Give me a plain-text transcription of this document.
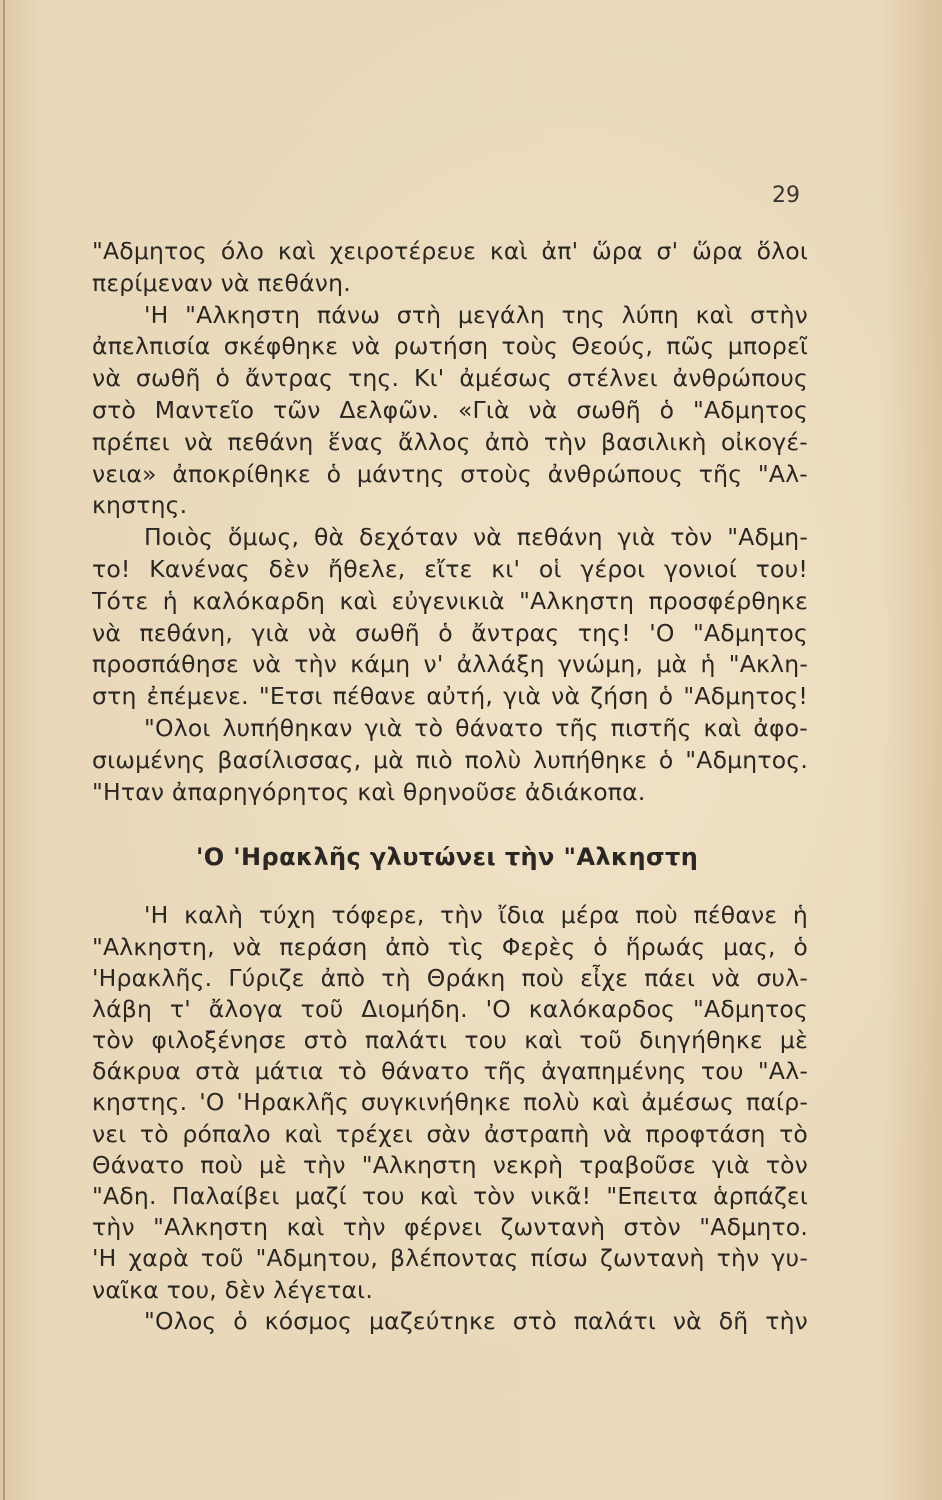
29
"Αδμητος όλο καὶ χειροτέρευε καὶ ἀπ' ὥρα σ' ὥρα ὅλοι
περίμεναν νὰ πεθάνη.
'Η "Αλκηστη πάνω στὴ μεγάλη της λύπη καὶ στὴν
ἀπελπισία σκέφθηκε νὰ ρωτήση τοὺς Θεούς, πῶς μπορεῖ
νὰ σωθῆ ὁ ἄντρας της. Κι' ἀμέσως στέλνει ἀνθρώπους
στὸ Μαντεῖο τῶν Δελφῶν. «Γιὰ νὰ σωθῆ ὁ "Αδμητος
πρέπει νὰ πεθάνη ἕνας ἄλλος ἀπὸ τὴν βασιλικὴ οἰκογέ-
νεια» ἀποκρίθηκε ὁ μάντης στοὺς ἀνθρώπους τῆς "Αλ-
κηστης.
Ποιὸς ὅμως, θὰ δεχόταν νὰ πεθάνη γιὰ τὸν "Αδμη-
το! Κανένας δὲν ἤθελε, εἴτε κι' οἱ γέροι γονιοί του!
Τότε ἡ καλόκαρδη καὶ εὐγενικιὰ "Αλκηστη προσφέρθηκε
νὰ πεθάνη, γιὰ νὰ σωθῆ ὁ ἄντρας της! 'Ο "Αδμητος
προσπάθησε νὰ τὴν κάμη ν' ἀλλάξη γνώμη, μὰ ἡ "Ακλη-
στη ἐπέμενε. "Ετσι πέθανε αὐτή, γιὰ νὰ ζήση ὁ "Αδμητος!
"Ολοι λυπήθηκαν γιὰ τὸ θάνατο τῆς πιστῆς καὶ ἀφο-
σιωμένης βασίλισσας, μὰ πιὸ πολὺ λυπήθηκε ὁ "Αδμητος.
"Ηταν ἀπαρηγόρητος καὶ θρηνοῦσε ἀδιάκοπα.
'Ο 'Ηρακλῆς γλυτώνει τὴν "Αλκηστη
'Η καλὴ τύχη τόφερε, τὴν ἴδια μέρα ποὺ πέθανε ἡ
"Αλκηστη, νὰ περάση ἀπὸ τὶς Φερὲς ὁ ἥρωάς μας, ὁ
'Ηρακλῆς. Γύριζε ἀπὸ τὴ Θράκη ποὺ εἶχε πάει νὰ συλ-
λάβη τ' ἄλογα τοῦ Διομήδη. 'Ο καλόκαρδος "Αδμητος
τὸν φιλοξένησε στὸ παλάτι του καὶ τοῦ διηγήθηκε μὲ
δάκρυα στὰ μάτια τὸ θάνατο τῆς ἀγαπημένης του "Αλ-
κηστης. 'Ο 'Ηρακλῆς συγκινήθηκε πολὺ καὶ ἀμέσως παίρ-
νει τὸ ρόπαλο καὶ τρέχει σὰν ἀστραπὴ νὰ προφτάση τὸ
Θάνατο ποὺ μὲ τὴν "Αλκηστη νεκρὴ τραβοῦσε γιὰ τὸν
"Αδη. Παλαίβει μαζί του καὶ τὸν νικᾶ! "Επειτα ἁρπάζει
τὴν "Αλκηστη καὶ τὴν φέρνει ζωντανὴ στὸν "Αδμητο.
'Η χαρὰ τοῦ "Αδμητου, βλέποντας πίσω ζωντανὴ τὴν γυ-
ναῖκα του, δὲν λέγεται.
"Ολος ὁ κόσμος μαζεύτηκε στὸ παλάτι νὰ δῆ τὴν
